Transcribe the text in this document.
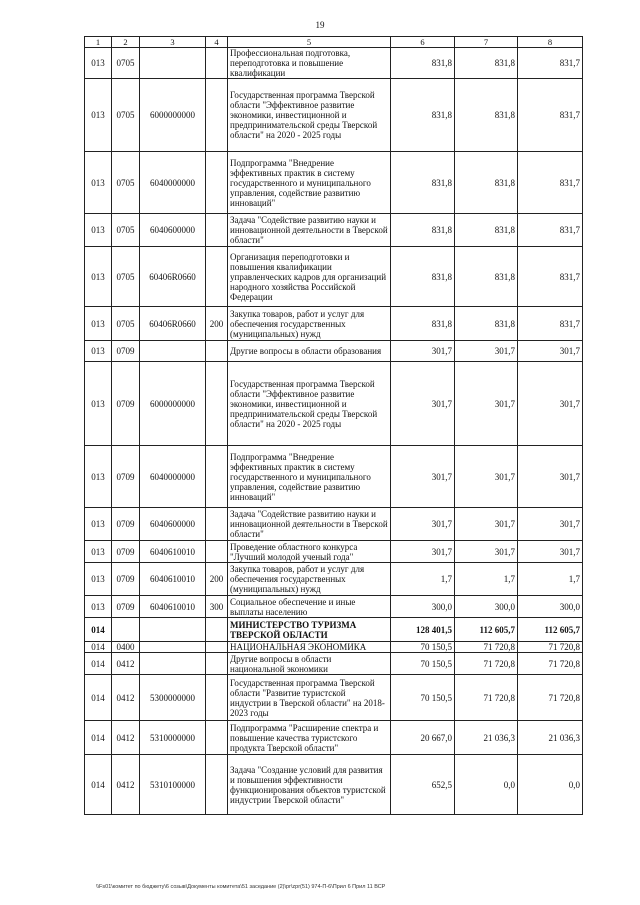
19
1	2	3	4	5	6	7	8
013	0705			Профессиональная подготовка, переподготовка и повышение квалификации	831,8	831,8	831,7
013	0705	6000000000		Государственная программа Тверской области "Эффективное развитие экономики, инвестиционной и предпринимательской среды Тверской области" на 2020 - 2025 годы	831,8	831,8	831,7
013	0705	6040000000		Подпрограмма "Внедрение эффективных практик в систему государственного и муниципального управления, содействие развитию инноваций"	831,8	831,8	831,7
013	0705	6040600000		Задача "Содействие развитию науки и инновационной деятельности в Тверской области"	831,8	831,8	831,7
013	0705	60406R0660		Организация переподготовки и повышения квалификации управленческих кадров для организаций народного хозяйства Российской Федерации	831,8	831,8	831,7
013	0705	60406R0660	200	Закупка товаров, работ и услуг для обеспечения государственных (муниципальных) нужд	831,8	831,8	831,7
013	0709			Другие вопросы в области образования	301,7	301,7	301,7
013	0709	6000000000		Государственная программа Тверской области "Эффективное развитие экономики, инвестиционной и предпринимательской среды Тверской области" на 2020 - 2025 годы	301,7	301,7	301,7
013	0709	6040000000		Подпрограмма "Внедрение эффективных практик в систему государственного и муниципального управления, содействие развитию инноваций"	301,7	301,7	301,7
013	0709	6040600000		Задача "Содействие развитию науки и инновационной деятельности в Тверской области"	301,7	301,7	301,7
013	0709	6040610010		Проведение областного конкурса "Лучший молодой ученый года"	301,7	301,7	301,7
013	0709	6040610010	200	Закупка товаров, работ и услуг для обеспечения государственных (муниципальных) нужд	1,7	1,7	1,7
013	0709	6040610010	300	Социальное обеспечение и иные выплаты населению	300,0	300,0	300,0
014				МИНИСТЕРСТВО ТУРИЗМА ТВЕРСКОЙ ОБЛАСТИ	128 401,5	112 605,7	112 605,7
014	0400			НАЦИОНАЛЬНАЯ ЭКОНОМИКА	70 150,5	71 720,8	71 720,8
014	0412			Другие вопросы в области национальной экономики	70 150,5	71 720,8	71 720,8
014	0412	5300000000		Государственная программа Тверской области "Развитие туристской индустрии в Тверской области" на 2018-2023 годы	70 150,5	71 720,8	71 720,8
014	0412	5310000000		Подпрограмма "Расширение спектра и повышение качества туристского продукта Тверской области"	20 667,0	21 036,3	21 036,3
014	0412	5310100000		Задача "Создание условий для развития и повышения эффективности функционирования объектов туристской индустрии Тверской области"	652,5	0,0	0,0
\\Fs01\комитет по бюджету\6 созыв\Документы комитета\51 заседание (2)\pr\zpr(51) 974-П-6\Прил 6 Прил 11 ВСР
